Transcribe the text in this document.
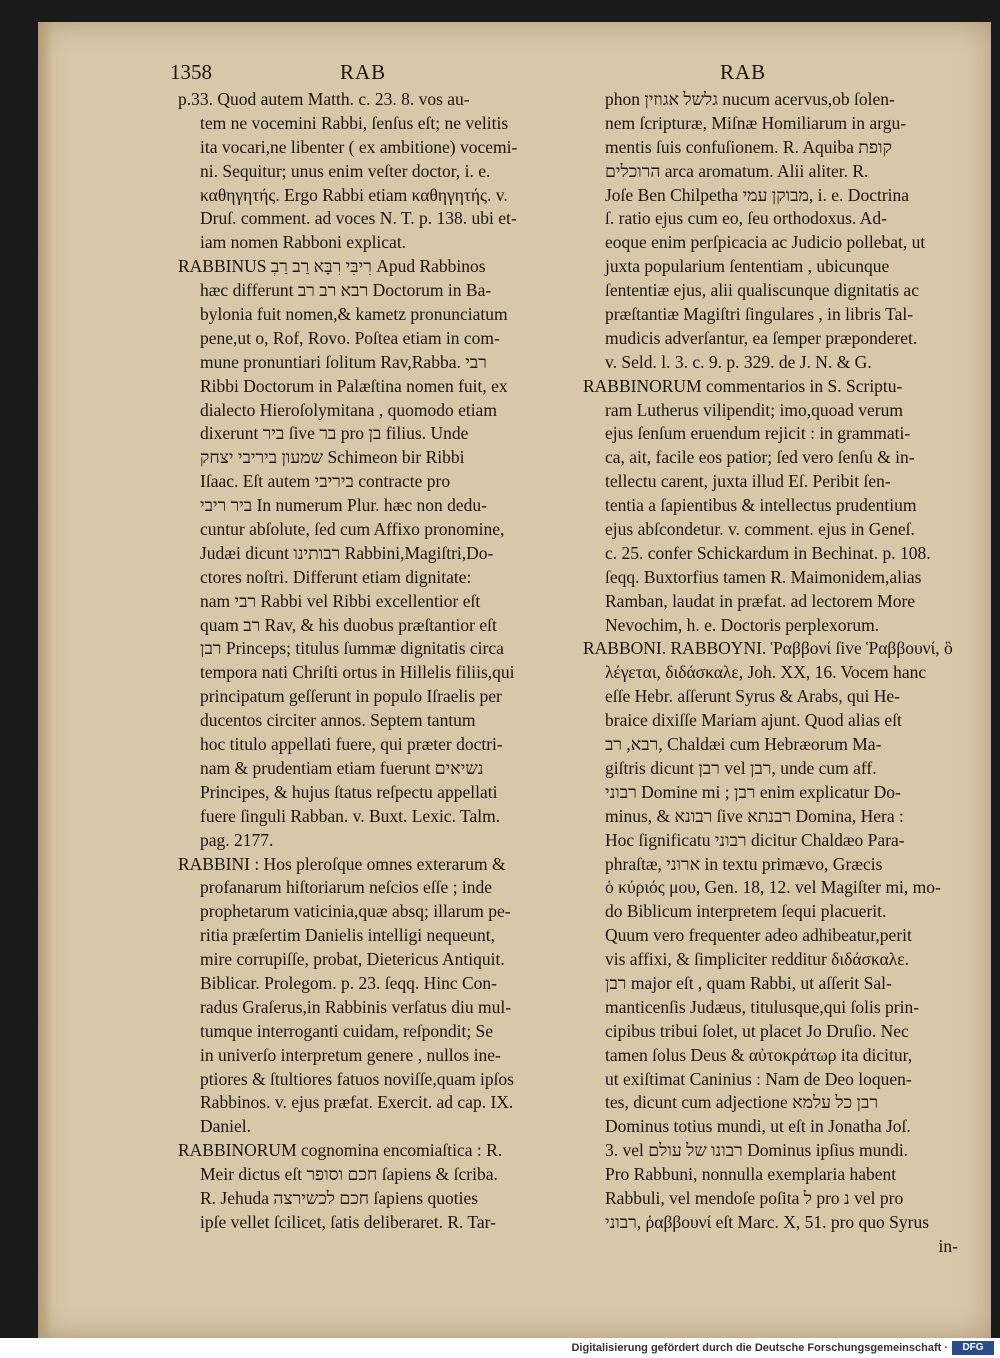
1358	RAB	RAB
p.33. Quod autem Matth. c. 23. 8. vos au-
tem ne vocemini Rabbi, ſenſus eſt; ne velitis
ita vocari,ne libenter ( ex ambitione) vocemi-
ni. Sequitur; unus enim veſter doctor, i. e.
καθηγητής. Ergo Rabbi etiam καθηγητής. v.
Druſ. comment. ad voces N. T. p. 138. ubi et-
iam nomen Rabboni explicat.
RABBINUS רִיבִּי רִבָּא רַב רַבְ Apud Rabbinos
hæc differunt רבא רב רב Doctorum in Ba-
bylonia fuit nomen,& kametz pronunciatum
pene,ut o, Rof, Rovo. Poſtea etiam in com-
mune pronuntiari ſolitum Rav,Rabba. רבי
Ribbi Doctorum in Palæſtina nomen fuit, ex
dialecto Hieroſolymitana , quomodo etiam
dixerunt ביר ſive בר pro בן filius. Unde
שמעון ביריבי יצחק Schimeon bir Ribbi
Iſaac. Eſt autem ביריבי contracte pro
ביר ריבי In numerum Plur. hæc non dedu-
cuntur abſolute, ſed cum Affixo pronomine,
Judæi dicunt רבותינו Rabbini,Magiſtri,Do-
ctores noſtri. Differunt etiam dignitate:
nam רבי Rabbi vel Ribbi excellentior eſt
quam רב Rav, & his duobus præſtantior eſt
רבן Princeps; titulus ſummæ dignitatis circa
tempora nati Chriſti ortus in Hillelis filiis,qui
principatum geſſerunt in populo Iſraelis per
ducentos circiter annos. Septem tantum
hoc titulo appellati fuere, qui præter doctri-
nam & prudentiam etiam fuerunt נשיאים
Principes, & hujus ſtatus reſpectu appellati
fuere ſinguli Rabban. v. Buxt. Lexic. Talm.
pag. 2177.
RABBINI : Hos pleroſque omnes exterarum &
profanarum hiſtoriarum neſcios eſſe ; inde
prophetarum vaticinia,quæ absq; illarum pe-
ritia præſertim Danielis intelligi nequeunt,
mire corrupiſſe, probat, Dietericus Antiquit.
Biblicar. Prolegom. p. 23. ſeqq. Hinc Con-
radus Graſerus,in Rabbinis verſatus diu mul-
tumque interroganti cuidam, reſpondit; Se
in univerſo interpretum genere , nullos ine-
ptiores & ſtultiores fatuos noviſſe,quam ipſos
Rabbinos. v. ejus præfat. Exercit. ad cap. IX.
Daniel.
RABBINORUM cognomina encomiaſtica : R.
Meir dictus eſt חכם וסופר ſapiens & ſcriba.
R. Jehuda חכם לכשירצה ſapiens quoties
ipſe vellet ſcilicet, ſatis deliberaret. R. Tar-
phon גלשל אגוזין nucum acervus,ob ſolen-
nem ſcripturæ, Miſnæ Homiliarum in argu-
mentis ſuis confuſionem. R. Aquiba קופת
הרוכלים arca aromatum. Alii aliter. R.
Joſe Ben Chilpetha מבוקן עמי, i. e. Doctrina
ſ. ratio ejus cum eo, ſeu orthodoxus. Ad-
eoque enim perſpicacia ac Judicio pollebat, ut
juxta popularium ſententiam , ubicunque
ſententiæ ejus, alii qualiscunque dignitatis ac
præſtantiæ Magiſtri ſingulares , in libris Tal-
mudicis adverſantur, ea ſemper præponderet.
v. Seld. l. 3. c. 9. p. 329. de J. N. & G.
RABBINORUM commentarios in S. Scriptu-
ram Lutherus vilipendit; imo,quoad verum
ejus ſenſum eruendum rejicit : in grammati-
ca, ait, facile eos patior; ſed vero ſenſu & in-
tellectu carent, juxta illud Eſ. Peribit ſen-
tentia a ſapientibus & intellectus prudentium
ejus abſcondetur. v. comment. ejus in Geneſ.
c. 25. confer Schickardum in Bechinat. p. 108.
ſeqq. Buxtorfius tamen R. Maimonidem,alias
Ramban, laudat in præfat. ad lectorem More
Nevochim, h. e. Doctoris perplexorum.
RABBONI. RABBOYNI. Ῥαββονί ſive Ῥαββουνί, ὃ
λέγεται, διδάσκαλε, Joh. XX, 16. Vocem hanc
eſſe Hebr. aſſerunt Syrus & Arabs, qui He-
braice dixiſſe Mariam ajunt. Quod alias eſt
רבא, רב, Chaldæi cum Hebræorum Ma-
giſtris dicunt רבן vel רבן, unde cum aff.
רבוני Domine mi ; רבן enim explicatur Do-
minus, & רבונא ſive רבנתא Domina, Hera :
Hoc ſignificatu רבוני dicitur Chaldæo Para-
phraſtæ, ארוני in textu primævo, Græcis
ὁ κύριός μου, Gen. 18, 12. vel Magiſter mi, mo-
do Biblicum interpretem ſequi placuerit.
Quum vero frequenter adeo adhibeatur,perit
vis affixi, & ſimpliciter redditur διδάσκαλε.
רבן major eſt , quam Rabbi, ut aſſerit Sal-
manticenſis Judæus, titulusque,qui ſolis prin-
cipibus tribui ſolet, ut placet Jo Druſio. Nec
tamen ſolus Deus & αὐτοκράτωρ ita dicitur,
ut exiſtimat Caninius : Nam de Deo loquen-
tes, dicunt cum adjectione רבן כל עלמא
Dominus totius mundi, ut eſt in Jonatha Joſ.
3. vel רבונו של עולם Dominus ipſius mundi.
Pro Rabbuni, nonnulla exemplaria habent
Rabbuli, vel mendoſe poſita ל pro נ vel pro
רבוני, ῥαββουνί eſt Marc. X, 51. pro quo Syrus
in-
Digitalisierung gefördert durch die Deutsche Forschungsgemeinschaft ·	DFG
